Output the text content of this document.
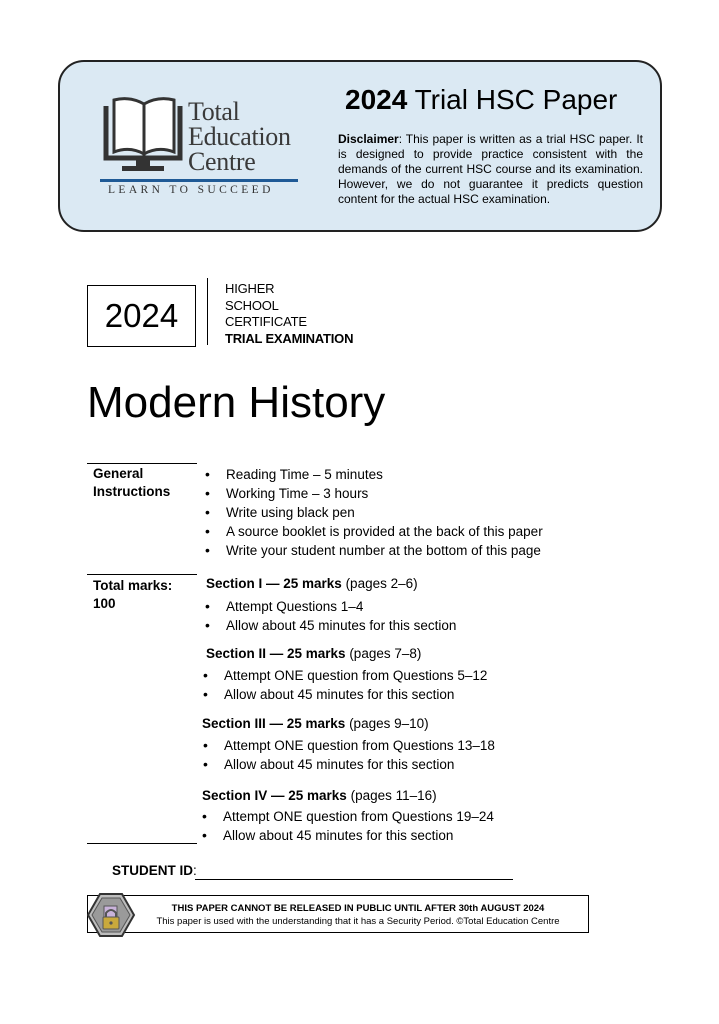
Total
Education
Centre
LEARN TO SUCCEED
2024 Trial HSC Paper
Disclaimer: This paper is written as a trial HSC paper. It is designed to provide practice consistent with the demands of the current HSC course and its examination. However, we do not guarantee it predicts question content for the actual HSC examination.
2024
HIGHER
SCHOOL
CERTIFICATE
TRIAL EXAMINATION
Modern History
General
Instructions
• Reading Time – 5 minutes
• Working Time – 3 hours
• Write using black pen
• A source booklet is provided at the back of this paper
• Write your student number at the bottom of this page
Total marks:
100
Section I — 25 marks (pages 2–6)
• Attempt Questions 1–4
• Allow about 45 minutes for this section
Section II — 25 marks (pages 7–8)
• Attempt ONE question from Questions 5–12
• Allow about 45 minutes for this section
Section III — 25 marks (pages 9–10)
• Attempt ONE question from Questions 13–18
• Allow about 45 minutes for this section
Section IV — 25 marks (pages 11–16)
• Attempt ONE question from Questions 19–24
• Allow about 45 minutes for this section
STUDENT ID:
THIS PAPER CANNOT BE RELEASED IN PUBLIC UNTIL AFTER 30th AUGUST 2024
This paper is used with the understanding that it has a Security Period. ©Total Education Centre
